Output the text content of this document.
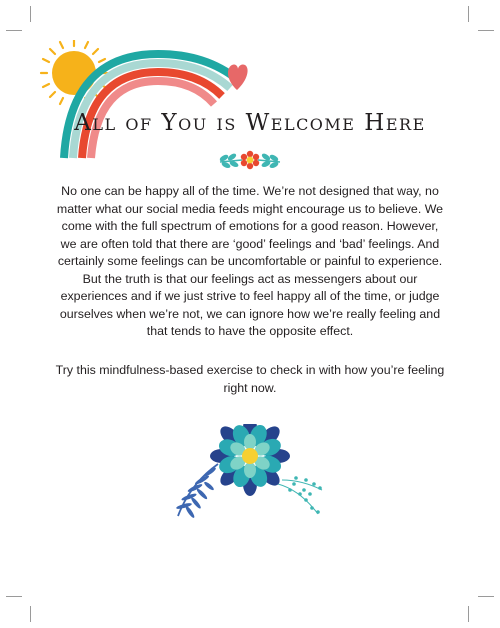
All of You is Welcome Here

No one can be happy all of the time. We’re not designed that way, no matter what our social media feeds might encourage us to believe. We come with the full spectrum of emotions for a good reason. However, we are often told that there are ‘good’ feelings and ‘bad’ feelings. And certainly some feelings can be uncomfortable or painful to experience. But the truth is that our feelings act as messengers about our experiences and if we just strive to feel happy all of the time, or judge ourselves when we’re not, we can ignore how we’re really feeling and that tends to have the opposite effect.

Try this mindfulness-based exercise to check in with how you’re feeling right now.
